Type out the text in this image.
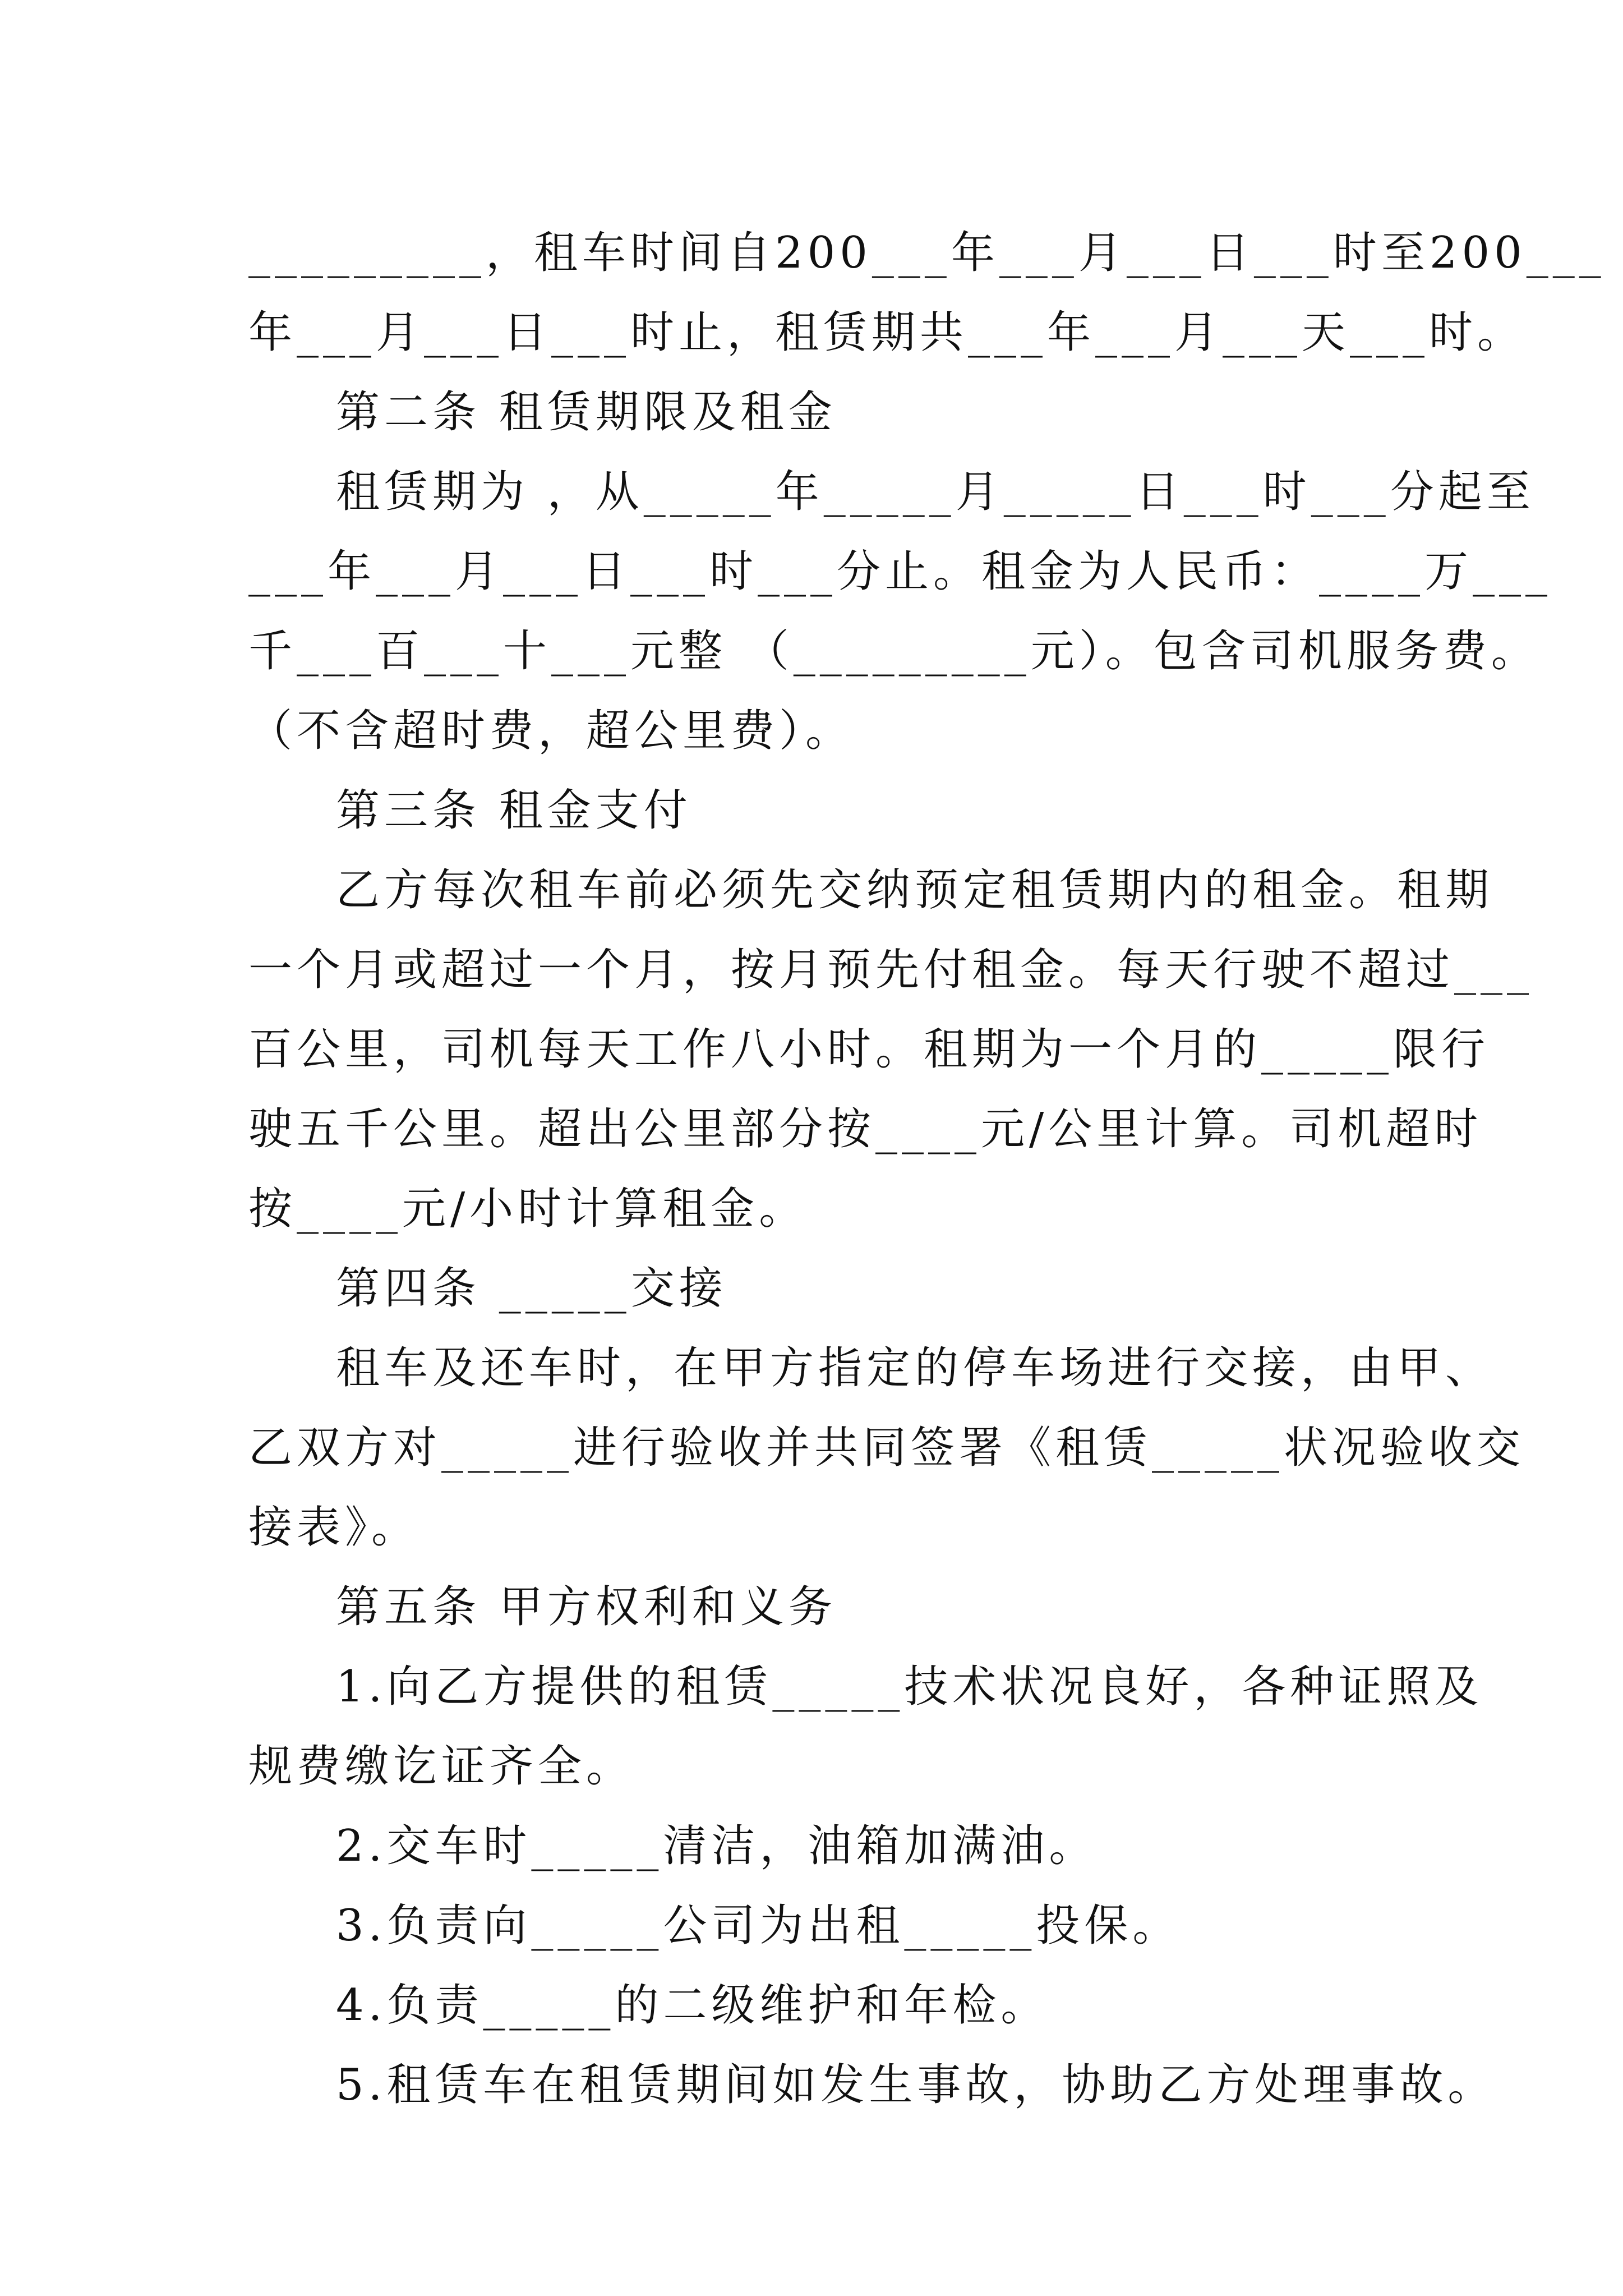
_________，租车时间自200___年___月___日___时至200___
年___月___日___时止，租赁期共___年___月___天___时。
第二条 租赁期限及租金
租赁期为 ，从_____年_____月_____日___时___分起至
___年___月___日___时___分止。租金为人民币：____万___
千___百___十___元整 （_________元）。包含司机服务费。
（不含超时费，超公里费）。
第三条 租金支付
乙方每次租车前必须先交纳预定租赁期内的租金。租期
一个月或超过一个月，按月预先付租金。每天行驶不超过___
百公里，司机每天工作八小时。租期为一个月的_____限行
驶五千公里。超出公里部分按____元/公里计算。司机超时
按____元/小时计算租金。
第四条 _____交接
租车及还车时，在甲方指定的停车场进行交接，由甲、
乙双方对_____进行验收并共同签署《租赁_____状况验收交
接表》。
第五条 甲方权利和义务
1.向乙方提供的租赁_____技术状况良好，各种证照及
规费缴讫证齐全。
2.交车时_____清洁，油箱加满油。
3.负责向_____公司为出租_____投保。
4.负责_____的二级维护和年检。
5.租赁车在租赁期间如发生事故，协助乙方处理事故。
